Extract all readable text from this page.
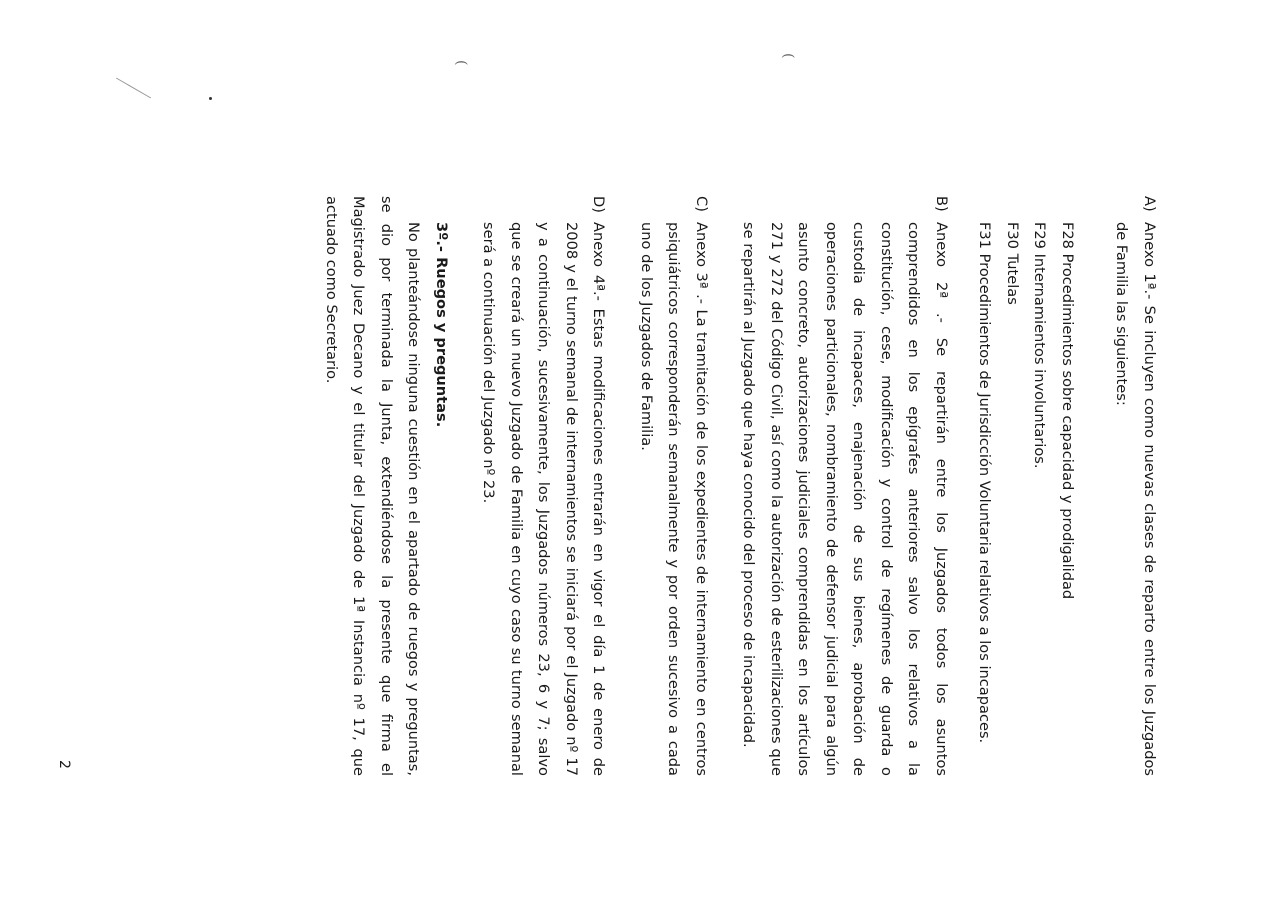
(
(
A)
Anexo 1ª.- Se incluyen como nuevas clases de reparto entre los Juzgados de Familia las siguientes:
F28 Procedimientos sobre capacidad y prodigalidad
F29 Internamientos involuntarios.
F30 Tutelas
F31 Procedimientos de Jurisdicción Voluntaria relativos a los incapaces.
B)
Anexo 2ª .- Se repartirán entre los Juzgados todos los asuntos comprendidos en los epígrafes anteriores salvo los relativos a la constitución, cese, modificación y control de regímenes de guarda o custodia de incapaces, enajenación de sus bienes, aprobación de operaciones particionales, nombramiento de defensor judicial para algún asunto concreto, autorizaciones judiciales comprendidas en los artículos 271 y 272 del Código Civil, así como la autorización de esterilizaciones que se repartirán al Juzgado que haya conocido del proceso de incapacidad.
C)
Anexo 3ª .- La tramitación de los expedientes de internamiento en centros psiquiátricos corresponderán semanalmente y por orden sucesivo a cada uno de los Juzgados de Familia.
D)
Anexo 4ª.- Estas modificaciones entrarán en vigor el día 1 de enero de 2008 y el turno semanal de internamientos se iniciará por el Juzgado nº 17 y a continuación, sucesivamente, los Juzgados números 23, 6 y 7; salvo que se creará un nuevo Juzgado de Familia en cuyo caso su turno semanal será a continuación del Juzgado nº 23.
3º.- Ruegos y preguntas.

No planteándose ninguna cuestión en el apartado de ruegos y preguntas, se dio por terminada la Junta, extendiéndose la presente que firma el Magistrado Juez Decano y el titular del Juzgado de 1ª Instancia nº 17, que actuado como Secretario.

2
